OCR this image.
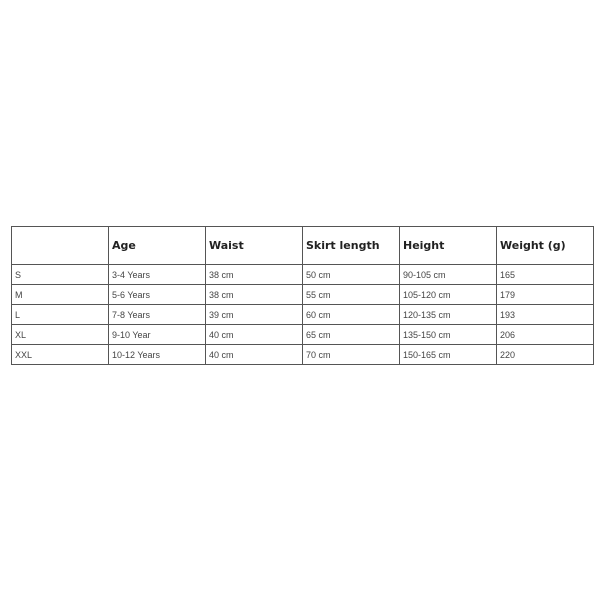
	Age	Waist	Skirt length	Height	Weight (g)
S	3-4 Years	38 cm	50 cm	90-105 cm	165
M	5-6 Years	38 cm	55 cm	105-120 cm	179
L	7-8 Years	39 cm	60 cm	120-135 cm	193
XL	9-10 Year	40 cm	65 cm	135-150 cm	206
XXL	10-12 Years	40 cm	70 cm	150-165 cm	220
